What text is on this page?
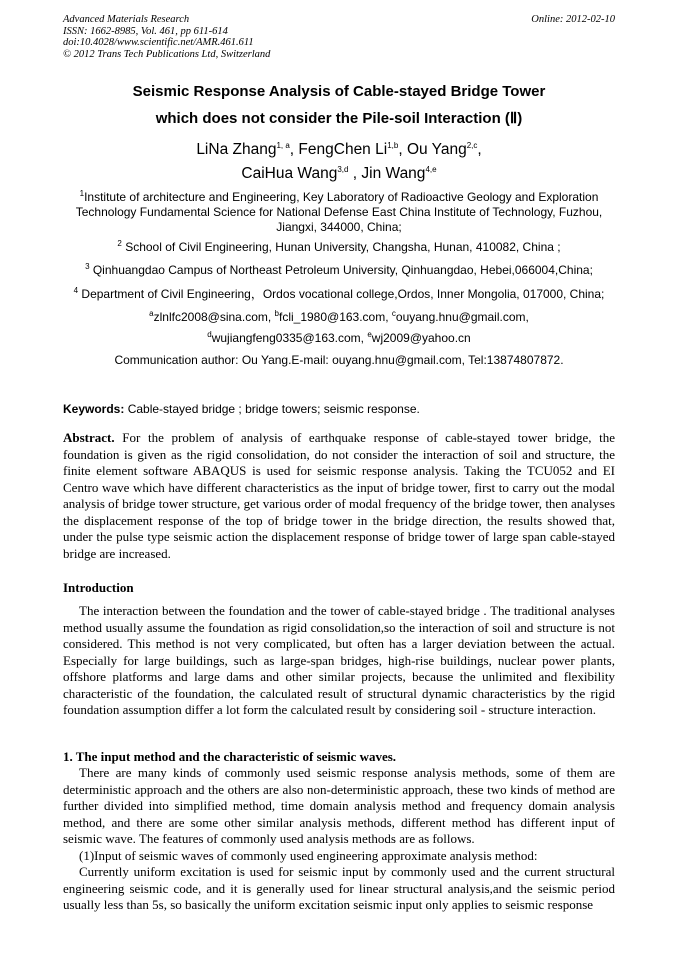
Advanced Materials Research
ISSN: 1662-8985, Vol. 461, pp 611-614
doi:10.4028/www.scientific.net/AMR.461.611
© 2012 Trans Tech Publications Ltd, Switzerland
Online: 2012-02-10
Seismic Response Analysis of Cable-stayed Bridge Tower
which does not consider the Pile-soil Interaction (Ⅱ)
LiNa Zhang$^{1, a}$, FengChen Li$^{1,b}$, Ou Yang$^{2,c}$,
CaiHua Wang$^{3,d}$ , Jin Wang$^{4,e}$
$^1$Institute of architecture and Engineering, Key Laboratory of Radioactive Geology and Exploration Technology Fundamental Science for National Defense East China Institute of Technology, Fuzhou, Jiangxi, 344000, China;
$^2$ School of Civil Engineering, Hunan University, Changsha, Hunan, 410082, China ;
$^3$ Qinhuangdao Campus of Northeast Petroleum University, Qinhuangdao, Hebei,066004,China;
$^4$ Department of Civil Engineering，Ordos vocational college,Ordos, Inner Mongolia, 017000, China;
$^a$zlnlfc2008@sina.com, $^b$fcli_1980@163.com, $^c$ouyang.hnu@gmail.com,
$^d$wujiangfeng0335@163.com, $^e$wj2009@yahoo.cn
Communication author: Ou Yang.E-mail: ouyang.hnu@gmail.com, Tel:13874807872.
Keywords: Cable-stayed bridge ; bridge towers; seismic response.

Abstract. For the problem of analysis of earthquake response of cable-stayed tower bridge, the foundation is given as the rigid consolidation, do not consider the interaction of soil and structure, the finite element software ABAQUS is used for seismic response analysis. Taking the TCU052 and EI Centro wave which have different characteristics as the input of bridge tower, first to carry out the modal analysis of bridge tower structure, get various order of modal frequency of the bridge tower, then analyses the displacement response of the top of bridge tower in the bridge direction, the results showed that, under the pulse type seismic action the displacement response of bridge tower of large span cable-stayed bridge are increased.

Introduction

The interaction between the foundation and the tower of cable-stayed bridge . The traditional analyses method usually assume the foundation as rigid consolidation,so the interaction of soil and structure is not considered. This method is not very complicated, but often has a larger deviation between the actual. Especially for large buildings, such as large-span bridges, high-rise buildings, nuclear power plants, offshore platforms and large dams and other similar projects, because the unlimited and flexibility characteristic of the foundation, the calculated result of structural dynamic characteristics by the rigid foundation assumption differ a lot form the calculated result by considering soil - structure interaction.

1. The input method and the characteristic of seismic waves.

There are many kinds of commonly used seismic response analysis methods, some of them are deterministic approach and the others are also non-deterministic approach, these two kinds of method are further divided into simplified method, time domain analysis method and frequency domain analysis method, and there are some other similar analysis methods, different method has different input of seismic wave. The features of commonly used analysis methods are as follows.

(1)Input of seismic waves of commonly used engineering approximate analysis method:

Currently uniform excitation is used for seismic input by commonly used and the current structural engineering seismic code, and it is generally used for linear structural analysis,and the seismic period usually less than 5s, so basically the uniform excitation seismic input only applies to seismic response
